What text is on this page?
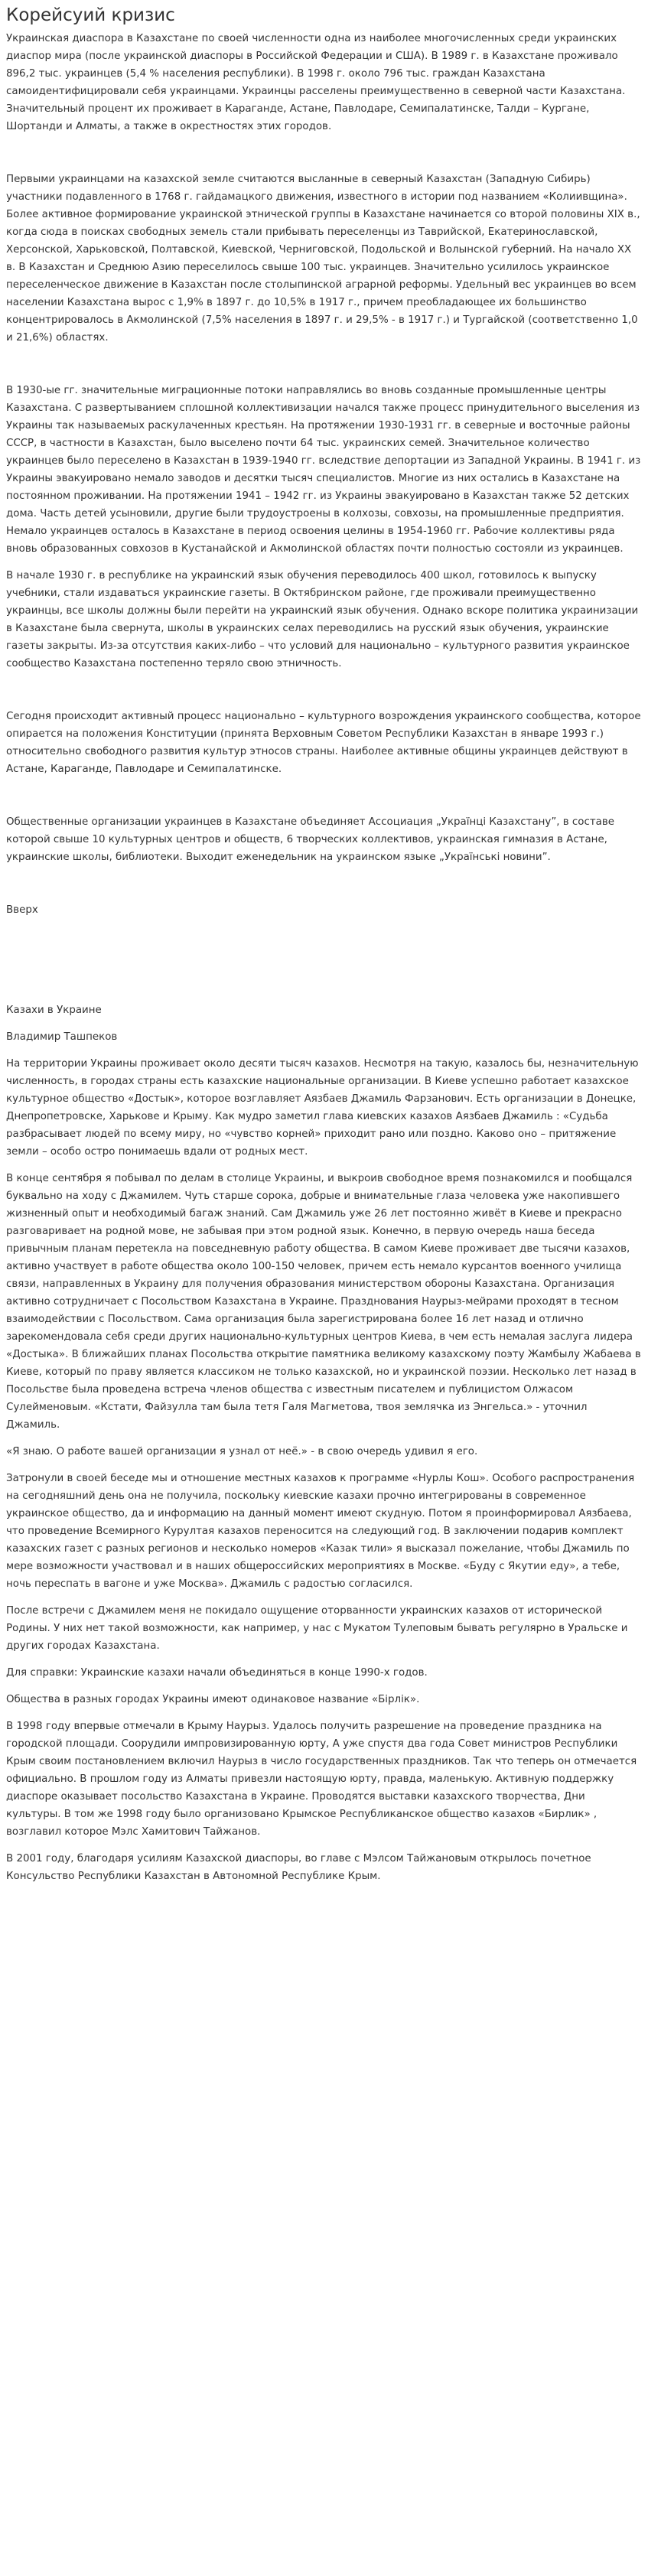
Корейсуий кризис

Украинская диаспора в Казахстане по своей численности одна из наиболее многочисленных среди украинских диаспор мира (после украинской диаспоры в Российской Федерации и США). В 1989 г. в Казахстане проживало 896,2 тыс. украинцев (5,4 % населения республики). В 1998 г. около 796 тыс. граждан Казахстана самоидентифицировали себя украинцами. Украинцы расселены преимущественно в северной части Казахстана. Значительный процент их проживает в Караганде, Астане, Павлодаре, Семипалатинске, Талди – Кургане, Шортанди и Алматы, а также в окрестностях этих городов.

Первыми украинцами на казахской земле считаются высланные в северный Казахстан (Западную Сибирь) участники подавленного в 1768 г. гайдамацкого движения, известного в истории под названием «Колиивщина». Более активное формирование украинской этнической группы в Казахстане начинается со второй половины XIX в., когда сюда в поисках свободных земель стали прибывать переселенцы из Таврийской, Екатеринославской, Херсонской, Харьковской, Полтавской, Киевской, Черниговской, Подольской и Волынской губерний. На начало ХХ в. В Казахстан и Среднюю Азию переселилось свыше 100 тыс. украинцев. Значительно усилилось украинское переселенческое движение в Казахстан после столыпинской аграрной реформы. Удельный вес украинцев во всем населении Казахстана вырос с 1,9% в 1897 г. до 10,5% в 1917 г., причем преобладающее их большинство концентрировалось в Акмолинской (7,5% населения в 1897 г. и 29,5% - в 1917 г.) и Тургайской (соответственно 1,0 и 21,6%) областях.

В 1930-ые гг. значительные миграционные потоки направлялись во вновь созданные промышленные центры Казахстана. С развертыванием сплошной коллективизации начался также процесс принудительного выселения из Украины так называемых раскулаченных крестьян. На протяжении 1930-1931 гг. в северные и восточные районы СССР, в частности в Казахстан, было выселено почти 64 тыс. украинских семей. Значительное количество украинцев было переселено в Казахстан в 1939-1940 гг. вследствие депортации из Западной Украины. В 1941 г. из Украины эвакуировано немало заводов и десятки тысяч специалистов. Многие из них остались в Казахстане на постоянном проживании. На протяжении 1941 – 1942 гг. из Украины эвакуировано в Казахстан также 52 детских дома. Часть детей усыновили, другие были трудоустроены в колхозы, совхозы, на промышленные предприятия. Немало украинцев осталось в Казахстане в период освоения целины в 1954-1960 гг. Рабочие коллективы рядa вновь образованных совхозов в Кустанайской и Акмолинской областях почти полностью состояли из украинцев.

В начале 1930 г. в республике на украинский язык обучения переводилось 400 школ, готовилось к выпуску учебники, стали издаваться украинские газеты. В Октябринском районе, где проживали преимущественно украинцы, все школы должны были перейти на украинский язык обучения. Однако вскоре политика украинизации в Казахстане была свернута, школы в украинских селах переводились на русский язык обучения, украинские газеты закрыты. Из-за отсутствия каких-либо – что условий для национально – культурного развития украинское сообщество Казахстана постепенно теряло свою этничность.

Сегодня происходит активный процесс национально – культурного возрождения украинского сообщества, которое опирается на положения Конституции (принята Верховным Советом Республики Казахстан в январе 1993 г.) относительно свободного развития культур этносов страны. Наиболее активные общины украинцев действуют в Астане, Караганде, Павлодаре и Семипалатинске.

Общественные организации украинцев в Казахстане объединяет Ассоциация „Українці Казахстану”, в составе которой свыше 10 культурных центров и обществ, 6 творческих коллективов, украинская гимназия в Астане, украинские школы, библиотеки. Выходит еженедельник на украинском языке „Українські новини”.

Вверх

Казахи в Украине

Владимир Ташпеков

На территории Украины проживает около десяти тысяч казахов. Несмотря на такую, казалось бы, незначительную численность, в городах страны есть казахские национальные организации. В Киеве успешно работает казахское культурное общество «Достык», которое возглавляет Аязбаев Джамиль Фарзанович. Есть организации в Донецке, Днепропетровске, Харькове и Крыму. Как мудро заметил глава киевских казахов Аязбаев Джамиль : «Судьба разбрасывает людей по всему миру, но «чувство корней» приходит рано или поздно. Каково оно – притяжение земли – особо остро понимаешь вдали от родных мест.

В конце сентября я побывал по делам в столице Украины, и выкроив свободное время познакомился и пообщался буквально на ходу с Джамилем. Чуть старше сорока, добрые и внимательные глаза человека уже накопившего жизненный опыт и необходимый багаж знаний. Сам Джамиль уже 26 лет постоянно живёт в Киеве и прекрасно разговаривает на родной мове, не забывая при этом родной язык. Конечно, в первую очередь наша беседа привычным планам перетекла на повседневную работу общества. В самом Киеве проживает две тысячи казахов, активно участвует в работе общества около 100-150 человек, причем есть немало курсантов военного училища связи, направленных в Украину для получения образования министерством обороны Казахстана. Организация активно сотрудничает с Посольством Казахстана в Украине. Празднования Наурыз-мейрами проходят в тесном взаимодействии с Посольством. Сама организация была зарегистрирована более 16 лет назад и отлично зарекомендовала себя среди других национально-культурных центров Киева, в чем есть немалая заслуга лидера «Достыка». В ближайших планах Посольства открытие памятника великому казахскому поэту Жамбылу Жабаева в Киеве, который по праву является классиком не только казахской, но и украинской поэзии. Несколько лет назад в Посольстве была проведена встреча членов общества с известным писателем и публицистом Олжасом Сулейменовым. «Кстати, Файзулла там была тетя Галя Магметова, твоя землячка из Энгельса.» - уточнил Джамиль.

«Я знаю. О работе вашей организации я узнал от неё.» - в свою очередь удивил я его.

Затронули в своей беседе мы и отношение местных казахов к программе «Нурлы Кош». Особого распространения на сегодняшний день она не получила, поскольку киевские казахи прочно интегрированы в современное украинское общество, да и информацию на данный момент имеют скудную. Потом я проинформировал Аязбаева, что проведение Всемирного Курултая казахов переносится на следующий год. В заключении подарив комплект казахских газет с разных регионов и несколько номеров «Казак тили» я высказал пожелание, чтобы Джамиль по мере возможности участвовал и в наших общероссийских мероприятиях в Москве. «Буду с Якутии еду», а тебе, ночь переспать в вагоне и уже Москва». Джамиль с радостью согласился.

После встречи с Джамилем меня не покидало ощущение оторванности украинских казахов от исторической Родины. У них нет такой возможности, как например, у нас с Мукатом Тулеповым бывать регулярно в Уральске и других городах Казахстана.

Для справки: Украинские казахи начали объединяться в конце 1990-х годов.

Общества в разных городах Украины имеют одинаковое название «Бірлік».

В 1998 году впервые отмечали в Крыму Наурыз. Удалось получить разрешение на проведение праздника на городской площади. Соорудили импровизированную юрту, А уже спустя два года Совет министров Республики Крым своим постановлением включил Наурыз в число государственных праздников. Так что теперь он отмечается официально. В прошлом году из Алматы привезли настоящую юрту, правда, маленькую. Активную поддержку диаспоре оказывает посольство Казахстана в Украине. Проводятся выставки казахского творчества, Дни культуры. В том же 1998 году было организовано Крымское Республиканское общество казахов «Бирлик» , возглавил которое Мэлс Хамитович Тайжанов.

В 2001 году, благодаря усилиям Казахской диаспоры, во главе с Мэлсом Тайжановым открылось почетное Консульство Республики Казахстан в Автономной Республике Крым.
